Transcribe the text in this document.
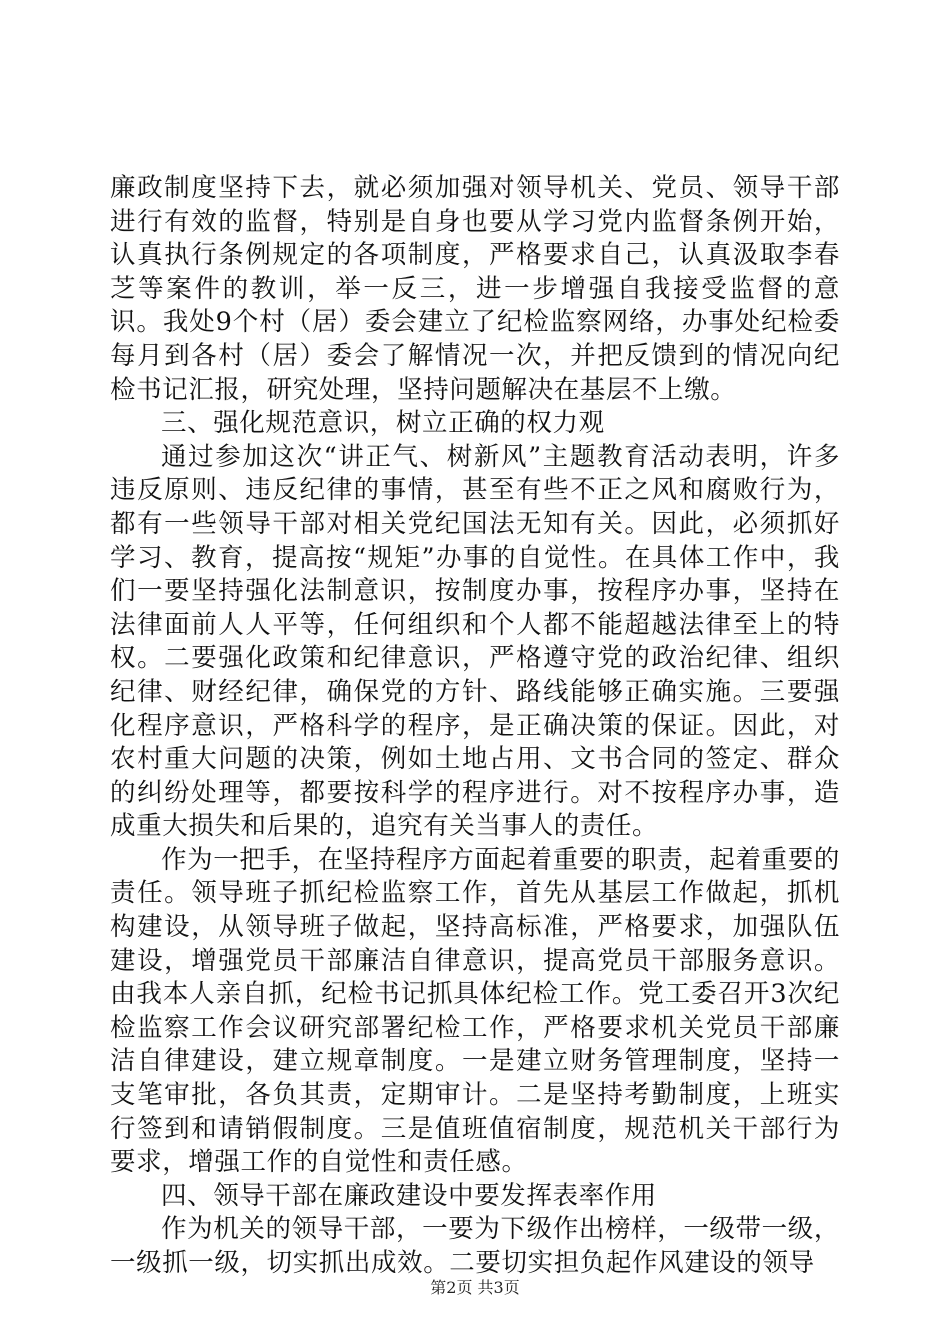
廉政制度坚持下去，就必须加强对领导机关、党员、领导干部进行有效的监督，特别是自身也要从学习党内监督条例开始，认真执行条例规定的各项制度，严格要求自己，认真汲取李春芝等案件的教训，举一反三，进一步增强自我接受监督的意识。我处9个村（居）委会建立了纪检监察网络，办事处纪检委每月到各村（居）委会了解情况一次，并把反馈到的情况向纪检书记汇报，研究处理，坚持问题解决在基层不上缴。

三、强化规范意识，树立正确的权力观

通过参加这次“讲正气、树新风”主题教育活动表明，许多违反原则、违反纪律的事情，甚至有些不正之风和腐败行为，都有一些领导干部对相关党纪国法无知有关。因此，必须抓好学习、教育，提高按“规矩”办事的自觉性。在具体工作中，我们一要坚持强化法制意识，按制度办事，按程序办事，坚持在法律面前人人平等，任何组织和个人都不能超越法律至上的特权。二要强化政策和纪律意识，严格遵守党的政治纪律、组织纪律、财经纪律，确保党的方针、路线能够正确实施。三要强化程序意识，严格科学的程序，是正确决策的保证。因此，对农村重大问题的决策，例如土地占用、文书合同的签定、群众的纠纷处理等，都要按科学的程序进行。对不按程序办事，造成重大损失和后果的，追究有关当事人的责任。

作为一把手，在坚持程序方面起着重要的职责，起着重要的责任。领导班子抓纪检监察工作，首先从基层工作做起，抓机构建设，从领导班子做起，坚持高标准，严格要求，加强队伍建设，增强党员干部廉洁自律意识，提高党员干部服务意识。由我本人亲自抓，纪检书记抓具体纪检工作。党工委召开3次纪检监察工作会议研究部署纪检工作，严格要求机关党员干部廉洁自律建设，建立规章制度。一是建立财务管理制度，坚持一支笔审批，各负其责，定期审计。二是坚持考勤制度，上班实行签到和请销假制度。三是值班值宿制度，规范机关干部行为要求，增强工作的自觉性和责任感。

四、领导干部在廉政建设中要发挥表率作用

作为机关的领导干部，一要为下级作出榜样，一级带一级，一级抓一级，切实抓出成效。二要切实担负起作风建设的领导

第2页 共3页
